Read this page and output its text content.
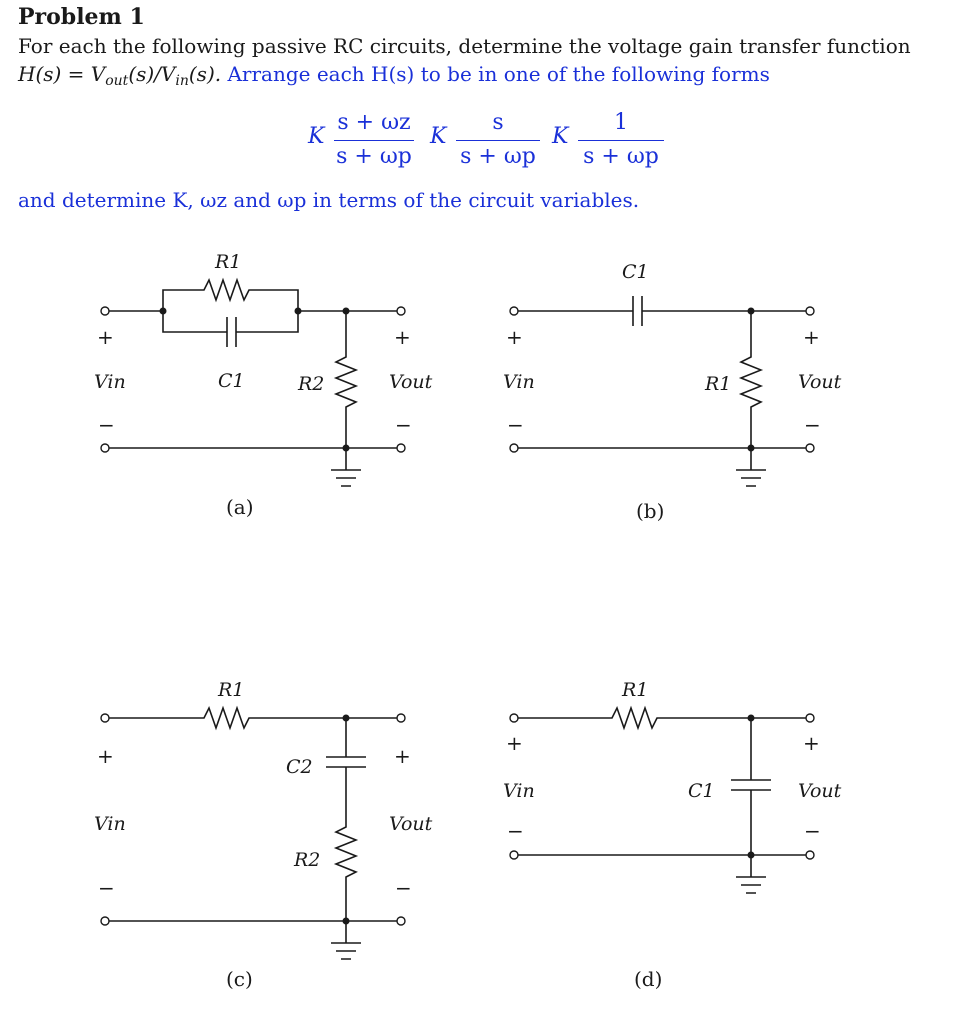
Problem 1
For each the following passive RC circuits, determine the voltage gain transfer function
$H(s) = V_{out}(s)/V_{in}(s)$. Arrange each H(s) to be in one of the following forms
K
s + ωz
s + ωp
K
s
s + ωp
K
1
s + ωp
and determine K, ωz and ωp in terms of the circuit variables.
R1
C1	R2
+
−
+
−
Vin	Vout
(a)
C1
R1
+
−
+
−
Vin	Vout
(b)
R1
C2
R2
+
−
+
−
Vin	Vout
(c)
R1
C1
+
−
+
−
Vin	Vout
(d)
